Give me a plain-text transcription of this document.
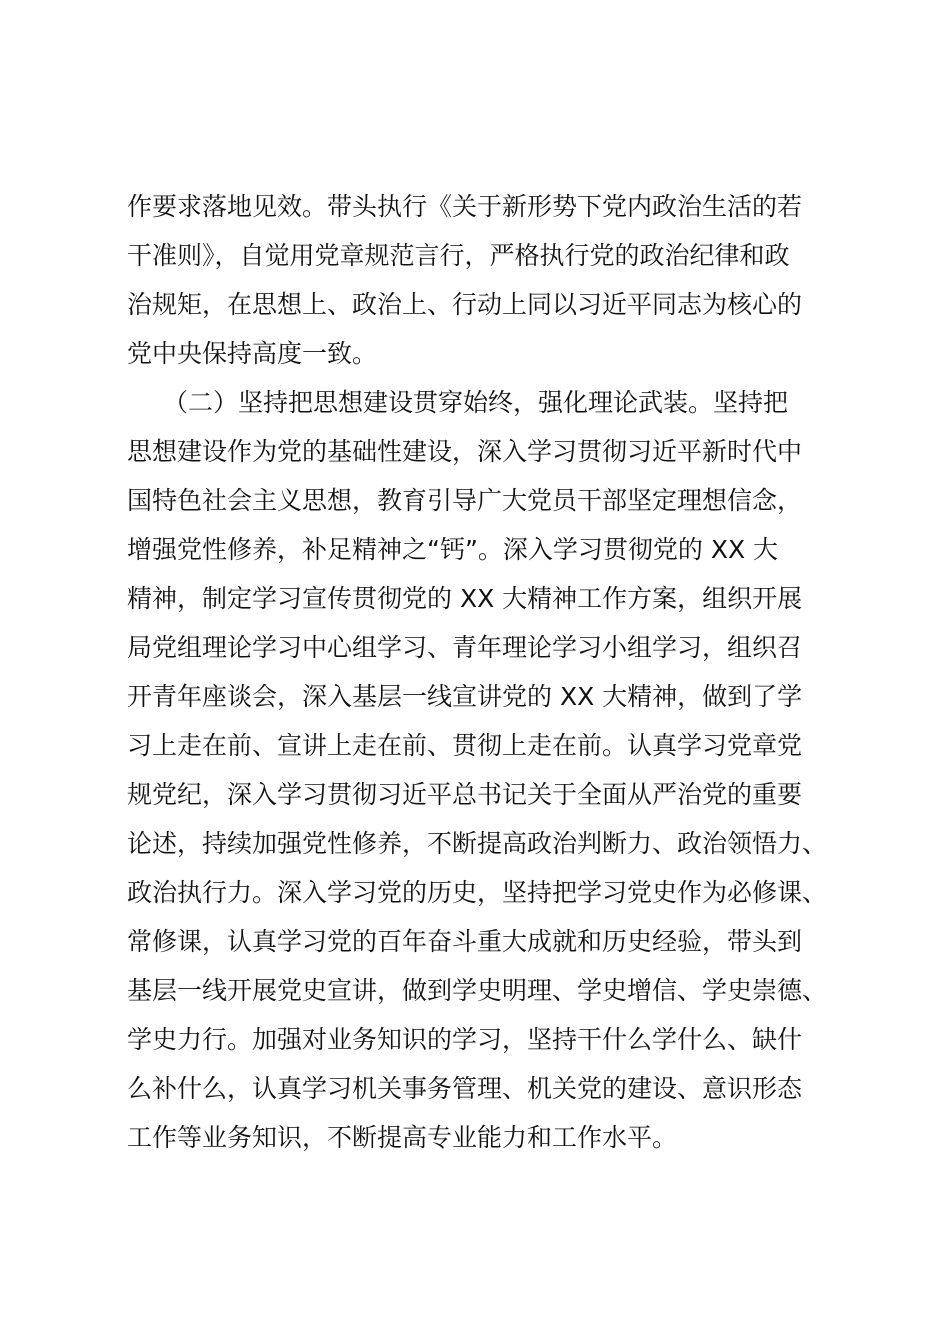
作要求落地见效。带头执行《关于新形势下党内政治生活的若
干准则》，自觉用党章规范言行，严格执行党的政治纪律和政
治规矩，在思想上、政治上、行动上同以习近平同志为核心的
党中央保持高度一致。
（二）坚持把思想建设贯穿始终，强化理论武装。坚持把
思想建设作为党的基础性建设，深入学习贯彻习近平新时代中
国特色社会主义思想，教育引导广大党员干部坚定理想信念，
增强党性修养，补足精神之“钙”。深入学习贯彻党的 XX 大
精神，制定学习宣传贯彻党的 XX 大精神工作方案，组织开展
局党组理论学习中心组学习、青年理论学习小组学习，组织召
开青年座谈会，深入基层一线宣讲党的 XX 大精神，做到了学
习上走在前、宣讲上走在前、贯彻上走在前。认真学习党章党
规党纪，深入学习贯彻习近平总书记关于全面从严治党的重要
论述，持续加强党性修养，不断提高政治判断力、政治领悟力、
政治执行力。深入学习党的历史，坚持把学习党史作为必修课、
常修课，认真学习党的百年奋斗重大成就和历史经验，带头到
基层一线开展党史宣讲，做到学史明理、学史增信、学史崇德、
学史力行。加强对业务知识的学习，坚持干什么学什么、缺什
么补什么，认真学习机关事务管理、机关党的建设、意识形态
工作等业务知识，不断提高专业能力和工作水平。
